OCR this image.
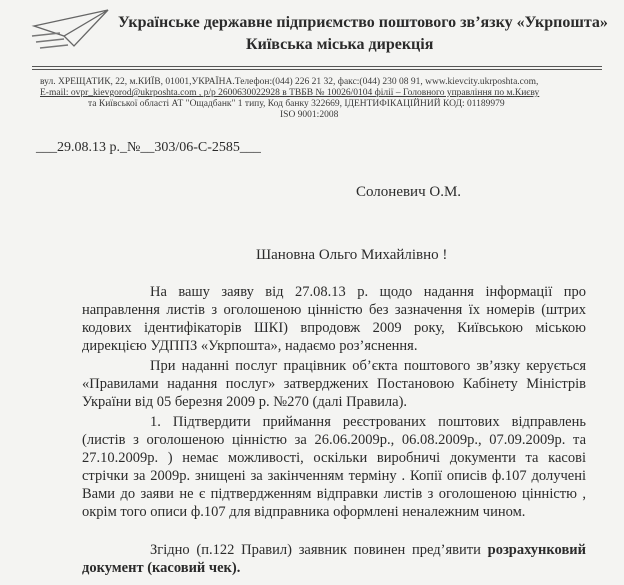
Українське державне підприємство поштового зв’язку «Укрпошта»
Київська міська дирекція
вул. ХРЕЩАТИК, 22, м.КИЇВ, 01001,УКРАЇНА.Телефон:(044) 226 21 32, факс:(044) 230 08 91, www.kievcity.ukrposhta.com,
E-mail: ovpr_kievgorod@ukrposhta.com , р/р 2600630022928 в ТВБВ № 10026/0104 філії – Головного управління по м.Києву
та Київської області АТ "Ощадбанк" 1 типу, Код банку 322669, ІДЕНТИФІКАЦІЙНИЙ КОД: 01189979
ISO 9001:2008
___29.08.13 р._№__303/06-С-2585___
Солоневич О.М.
Шановна Ольго Михайлівно !
На вашу заяву від 27.08.13 р. щодо надання інформації про направлення листів з оголошеною цінністю без зазначення їх номерів (штрих кодових ідентифікаторів ШКІ) впродовж 2009 року, Київською міською дирекцією УДППЗ «Укрпошта», надаємо роз’яснення.
При наданні послуг працівник об’єкта поштового зв’язку керується «Правилами надання послуг» затверджених Постановою Кабінету Міністрів України від 05 березня 2009 р. №270 (далі Правила).
1. Підтвердити приймання реєстрованих поштових відправлень (листів з оголошеною цінністю за 26.06.2009р., 06.08.2009р., 07.09.2009р. та 27.10.2009р. ) немає можливості, оскільки виробничі документи та касові стрічки за 2009р. знищені за закінченням терміну . Копії описів ф.107 долучені Вами до заяви не є підтвердженням відправки листів з оголошеною цінністю , окрім того описи ф.107 для відправника оформлені неналежним чином.
Згідно (п.122 Правил) заявник повинен пред’явити розрахунковий документ (касовий чек).
